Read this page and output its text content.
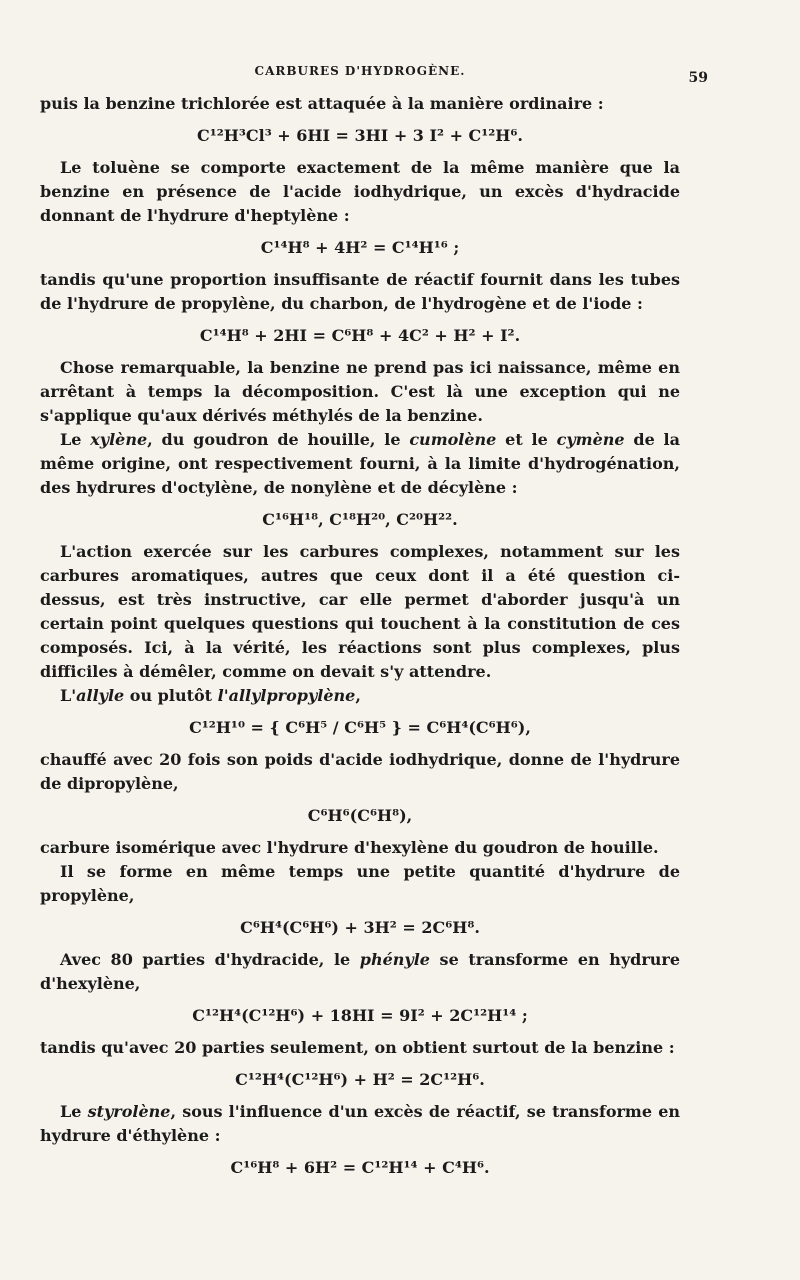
CARBURES D'HYDROGÈNE.	59

puis la benzine trichlorée est attaquée à la manière ordinaire :

C¹²H³Cl³ + 6HI = 3HI + 3 I² + C¹²H⁶.

Le toluène se comporte exactement de la même manière que la benzine en présence de l'acide iodhydrique, un excès d'hydracide donnant de l'hydrure d'heptylène :

C¹⁴H⁸ + 4H² = C¹⁴H¹⁶ ;

tandis qu'une proportion insuffisante de réactif fournit dans les tubes de l'hydrure de propylène, du charbon, de l'hydrogène et de l'iode :

C¹⁴H⁸ + 2HI = C⁶H⁸ + 4C² + H² + I².

Chose remarquable, la benzine ne prend pas ici naissance, même en arrêtant à temps la décomposition. C'est là une exception qui ne s'applique qu'aux dérivés méthylés de la benzine.

Le xylène, du goudron de houille, le cumolène et le cymène de la même origine, ont respectivement fourni, à la limite d'hydrogénation, des hydrures d'octylène, de nonylène et de décylène :

C¹⁶H¹⁸, C¹⁸H²⁰, C²⁰H²².

L'action exercée sur les carbures complexes, notamment sur les carbures aromatiques, autres que ceux dont il a été question ci-dessus, est très instructive, car elle permet d'aborder jusqu'à un certain point quelques questions qui touchent à la constitution de ces composés. Ici, à la vérité, les réactions sont plus complexes, plus difficiles à démêler, comme on devait s'y attendre.

L'allyle ou plutôt l'allylpropylène,

C¹²H¹⁰ = { C⁶H⁵ / C⁶H⁵ } = C⁶H⁴(C⁶H⁶),

chauffé avec 20 fois son poids d'acide iodhydrique, donne de l'hydrure de dipropylène,

C⁶H⁶(C⁶H⁸),

carbure isomérique avec l'hydrure d'hexylène du goudron de houille.

Il se forme en même temps une petite quantité d'hydrure de propylène,

C⁶H⁴(C⁶H⁶) + 3H² = 2C⁶H⁸.

Avec 80 parties d'hydracide, le phényle se transforme en hydrure d'hexylène,

C¹²H⁴(C¹²H⁶) + 18HI = 9I² + 2C¹²H¹⁴ ;

tandis qu'avec 20 parties seulement, on obtient surtout de la benzine :

C¹²H⁴(C¹²H⁶) + H² = 2C¹²H⁶.

Le styrolène, sous l'influence d'un excès de réactif, se transforme en hydrure d'éthylène :

C¹⁶H⁸ + 6H² = C¹²H¹⁴ + C⁴H⁶.
